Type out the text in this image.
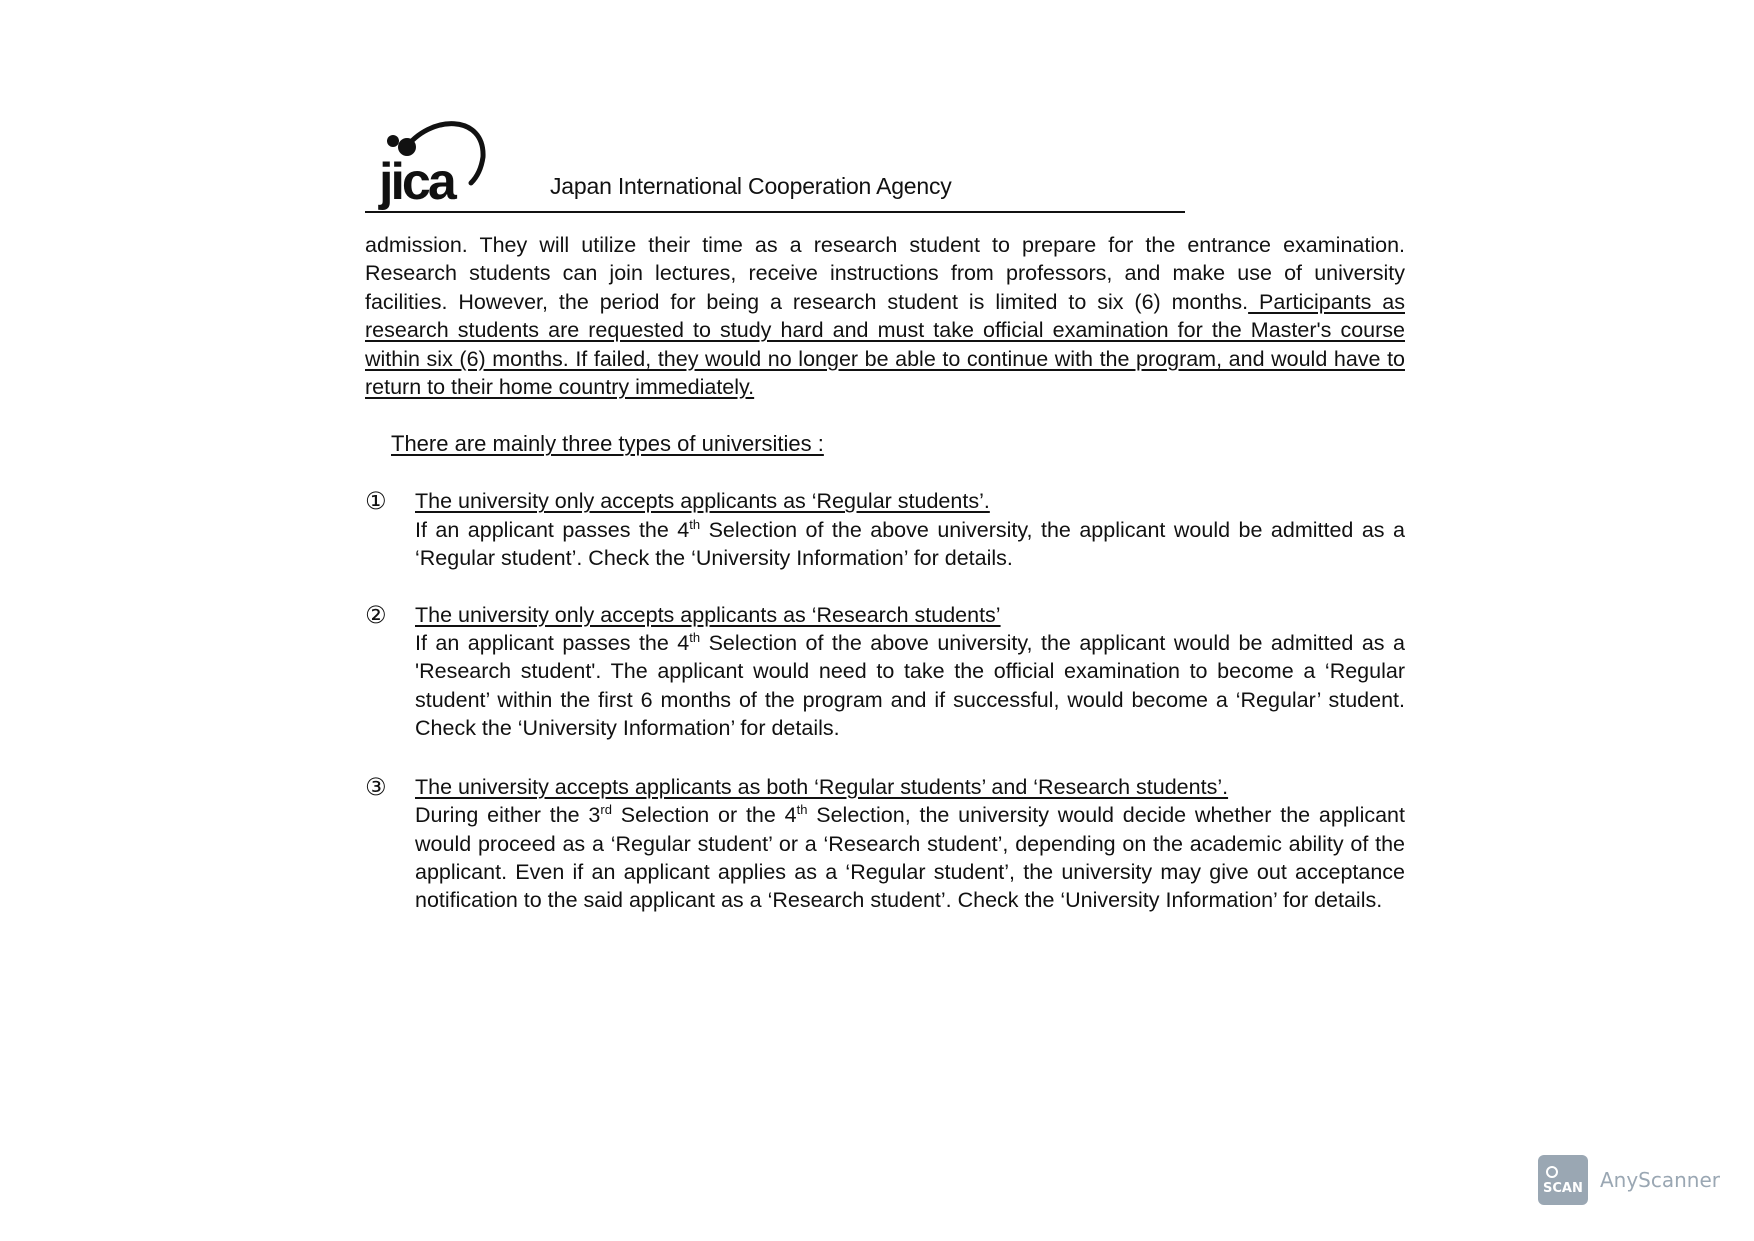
jica	Japan International Cooperation Agency

admission. They will utilize their time as a research student to prepare for the entrance examination. Research students can join lectures, receive instructions from professors, and make use of university facilities. However, the period for being a research student is limited to six (6) months. Participants as research students are requested to study hard and must take official examination for the Master's course within six (6) months. If failed, they would no longer be able to continue with the program, and would have to return to their home country immediately.

There are mainly three types of universities :
① The university only accepts applicants as ‘Regular students’.
If an applicant passes the 4th Selection of the above university, the applicant would be admitted as a ‘Regular student’. Check the ‘University Information’ for details.
② The university only accepts applicants as ‘Research students’
If an applicant passes the 4th Selection of the above university, the applicant would be admitted as a 'Research student'. The applicant would need to take the official examination to become a ‘Regular student’ within the first 6 months of the program and if successful, would become a ‘Regular’ student. Check the ‘University Information’ for details.
③ The university accepts applicants as both ‘Regular students’ and ‘Research students’.
During either the 3rd Selection or the 4th Selection, the university would decide whether the applicant would proceed as a ‘Regular student’ or a ‘Research student’, depending on the academic ability of the applicant. Even if an applicant applies as a ‘Regular student’, the university may give out acceptance notification to the said applicant as a ‘Research student’. Check the ‘University Information’ for details.
SCAN AnyScanner
